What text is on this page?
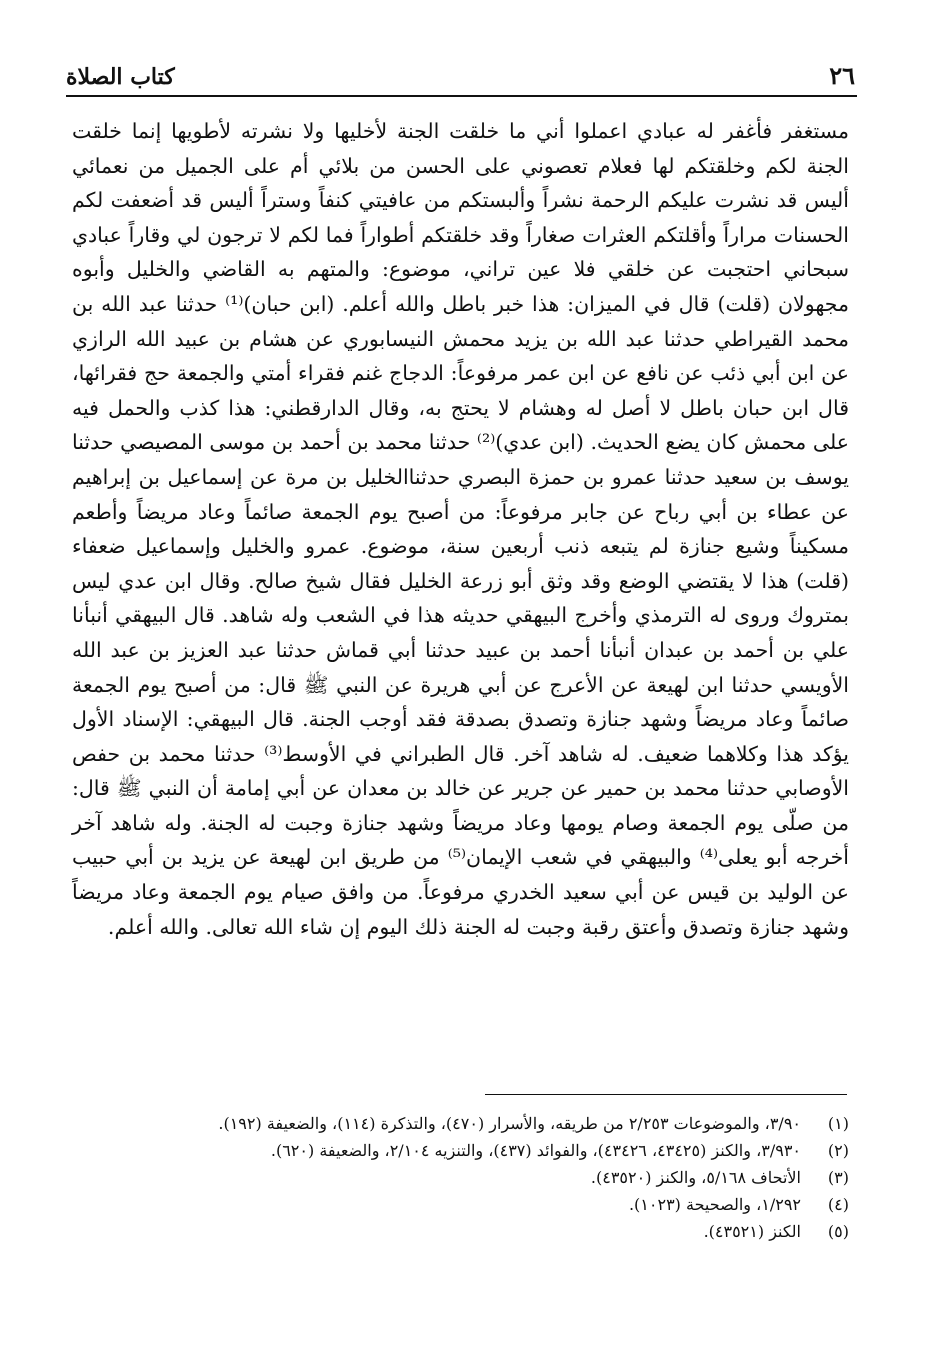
٢٦
كتاب الصلاة

مستغفر فأغفر له عبادي اعملوا أني ما خلقت الجنة لأخليها ولا نشرته لأطويها إنما خلقت الجنة لكم وخلقتكم لها فعلام تعصوني على الحسن من بلائي أم على الجميل من نعمائي أليس قد نشرت عليكم الرحمة نشراً وألبستكم من عافيتي كنفاً وستراً أليس قد أضعفت لكم الحسنات مراراً وأقلتكم العثرات صغاراً وقد خلقتكم أطواراً فما لكم لا ترجون لي وقاراً عبادي سبحاني احتجبت عن خلقي فلا عين تراني، موضوع: والمتهم به القاضي والخليل وأبوه مجهولان (قلت) قال في الميزان: هذا خبر باطل والله أعلم. (ابن حبان)⁽¹⁾ حدثنا عبد الله بن محمد القيراطي حدثنا عبد الله بن يزيد محمش النيسابوري عن هشام بن عبيد الله الرازي عن ابن أبي ذئب عن نافع عن ابن عمر مرفوعاً: الدجاج غنم فقراء أمتي والجمعة حج فقرائها، قال ابن حبان باطل لا أصل له وهشام لا يحتج به، وقال الدارقطني: هذا كذب والحمل فيه على محمش كان يضع الحديث. (ابن عدي)⁽²⁾ حدثنا محمد بن أحمد بن موسى المصيصي حدثنا يوسف بن سعيد حدثنا عمرو بن حمزة البصري حدثناالخليل بن مرة عن إسماعيل بن إبراهيم عن عطاء بن أبي رباح عن جابر مرفوعاً: من أصبح يوم الجمعة صائماً وعاد مريضاً وأطعم مسكيناً وشيع جنازة لم يتبعه ذنب أربعين سنة، موضوع. عمرو والخليل وإسماعيل ضعفاء (قلت) هذا لا يقتضي الوضع وقد وثق أبو زرعة الخليل فقال شيخ صالح. وقال ابن عدي ليس بمتروك وروى له الترمذي وأخرج البيهقي حديثه هذا في الشعب وله شاهد. قال البيهقي أنبأنا علي بن أحمد بن عبدان أنبأنا أحمد بن عبيد حدثنا أبي قماش حدثنا عبد العزيز بن عبد الله الأويسي حدثنا ابن لهيعة عن الأعرج عن أبي هريرة عن النبي ﷺ قال: من أصبح يوم الجمعة صائماً وعاد مريضاً وشهد جنازة وتصدق بصدقة فقد أوجب الجنة. قال البيهقي: الإسناد الأول يؤكد هذا وكلاهما ضعيف. له شاهد آخر. قال الطبراني في الأوسط⁽³⁾ حدثنا محمد بن حفص الأوصابي حدثنا محمد بن حمير عن جرير عن خالد بن معدان عن أبي إمامة أن النبي ﷺ قال: من صلّى يوم الجمعة وصام يومها وعاد مريضاً وشهد جنازة وجبت له الجنة. وله شاهد آخر أخرجه أبو يعلى⁽⁴⁾ والبيهقي في شعب الإيمان⁽⁵⁾ من طريق ابن لهيعة عن يزيد بن أبي حبيب عن الوليد بن قيس عن أبي سعيد الخدري مرفوعاً. من وافق صيام يوم الجمعة وعاد مريضاً وشهد جنازة وتصدق وأعتق رقبة وجبت له الجنة ذلك اليوم إن شاء الله تعالى. والله أعلم.

(١)
٣/٩٠، والموضوعات ٢/٢٥٣ من طريقه، والأسرار (٤٧٠)، والتذكرة (١١٤)، والضعيفة (١٩٢).
(٢)
٣/٩٣٠، والكنز (٤٣٤٢٥، ٤٣٤٢٦)، والفوائد (٤٣٧)، والتنزيه ٢/١٠٤، والضعيفة (٦٢٠).
(٣)
الأتحاف ٥/١٦٨، والكنز (٤٣٥٢٠).
(٤)
١/٢٩٢، والصحيحة (١٠٢٣).
(٥)
الكنز (٤٣٥٢١).
